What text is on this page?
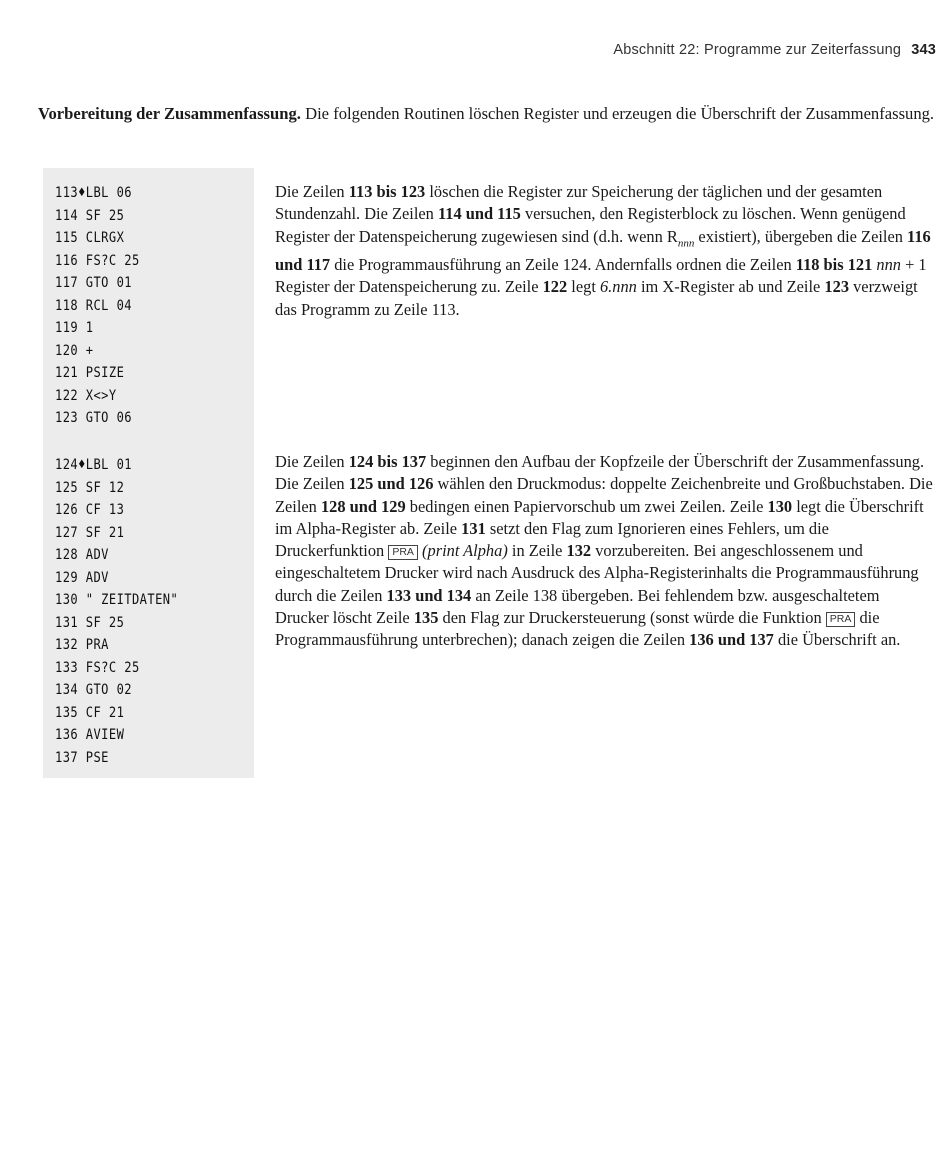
Abschnitt 22: Programme zur Zeiterfassung 343
Vorbereitung der Zusammenfassung. Die folgenden Routinen löschen Register und erzeugen die Überschrift der Zusammenfassung.
113♦LBL 06
114 SF 25
115 CLRGX
116 FS?C 25
117 GTO 01
118 RCL 04
119 1
120 +
121 PSIZE
122 X<>Y
123 GTO 06
124♦LBL 01
125 SF 12
126 CF 13
127 SF 21
128 ADV
129 ADV
130 " ZEITDATEN"
131 SF 25
132 PRA
133 FS?C 25
134 GTO 02
135 CF 21
136 AVIEW
137 PSE
Die Zeilen 113 bis 123 löschen die Register zur Speicherung der täglichen und der gesamten Stundenzahl. Die Zeilen 114 und 115 versuchen, den Registerblock zu löschen. Wenn genügend Register der Datenspeicherung zugewiesen sind (d.h. wenn $R_{nnn}$ existiert), übergeben die Zeilen 116 und 117 die Programmausführung an Zeile 124. Andernfalls ordnen die Zeilen 118 bis 121 nnn + 1 Register der Datenspeicherung zu. Zeile 122 legt 6.nnn im X-Register ab und Zeile 123 verzweigt das Programm zu Zeile 113.
Die Zeilen 124 bis 137 beginnen den Aufbau der Kopfzeile der Überschrift der Zusammenfassung. Die Zeilen 125 und 126 wählen den Druckmodus: doppelte Zeichenbreite und Großbuchstaben. Die Zeilen 128 und 129 bedingen einen Papiervorschub um zwei Zeilen. Zeile 130 legt die Überschrift im Alpha-Register ab. Zeile 131 setzt den Flag zum Ignorieren eines Fehlers, um die Druckerfunktion PRA (print Alpha) in Zeile 132 vorzubereiten. Bei angeschlossenem und eingeschaltetem Drucker wird nach Ausdruck des Alpha-Registerinhalts die Programmausführung durch die Zeilen 133 und 134 an Zeile 138 übergeben. Bei fehlendem bzw. ausgeschaltetem Drucker löscht Zeile 135 den Flag zur Druckersteuerung (sonst würde die Funktion PRA die Programmausführung unterbrechen); danach zeigen die Zeilen 136 und 137 die Überschrift an.
